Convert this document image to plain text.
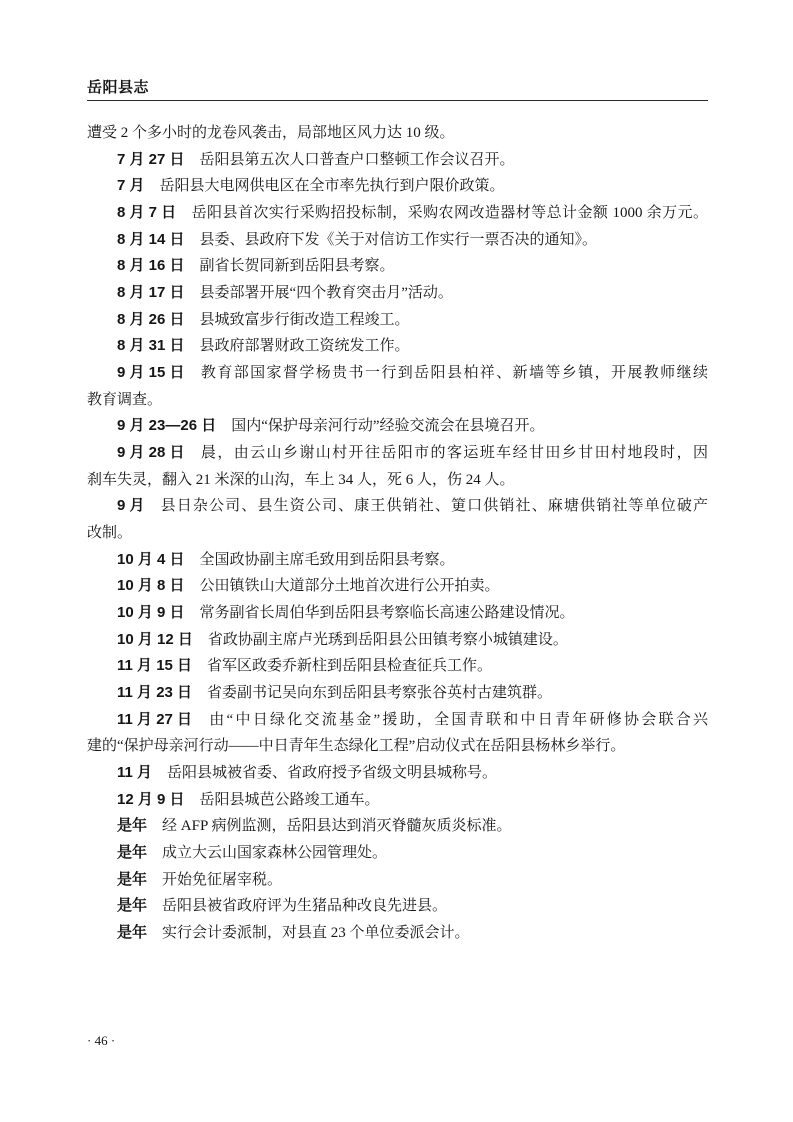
岳阳县志
遭受 2 个多小时的龙卷风袭击，局部地区风力达 10 级。
7 月 27 日 岳阳县第五次人口普查户口整顿工作会议召开。
7 月 岳阳县大电网供电区在全市率先执行到户限价政策。
8 月 7 日 岳阳县首次实行采购招投标制，采购农网改造器材等总计金额 1000 余万元。
8 月 14 日 县委、县政府下发《关于对信访工作实行一票否决的通知》。
8 月 16 日 副省长贺同新到岳阳县考察。
8 月 17 日 县委部署开展“四个教育突击月”活动。
8 月 26 日 县城致富步行街改造工程竣工。
8 月 31 日 县政府部署财政工资统发工作。
9 月 15 日 教育部国家督学杨贵书一行到岳阳县柏祥、新墙等乡镇，开展教师继续
教育调查。
9 月 23—26 日 国内“保护母亲河行动”经验交流会在县境召开。
9 月 28 日 晨，由云山乡谢山村开往岳阳市的客运班车经甘田乡甘田村地段时，因
刹车失灵，翻入 21 米深的山沟，车上 34 人，死 6 人，伤 24 人。
9 月 县日杂公司、县生资公司、康王供销社、筻口供销社、麻塘供销社等单位破产
改制。
10 月 4 日 全国政协副主席毛致用到岳阳县考察。
10 月 8 日 公田镇铁山大道部分土地首次进行公开拍卖。
10 月 9 日 常务副省长周伯华到岳阳县考察临长高速公路建设情况。
10 月 12 日 省政协副主席卢光琇到岳阳县公田镇考察小城镇建设。
11 月 15 日 省军区政委乔新柱到岳阳县检查征兵工作。
11 月 23 日 省委副书记吴向东到岳阳县考察张谷英村古建筑群。
11 月 27 日 由“中日绿化交流基金”援助，全国青联和中日青年研修协会联合兴
建的“保护母亲河行动——中日青年生态绿化工程”启动仪式在岳阳县杨林乡举行。
11 月 岳阳县城被省委、省政府授予省级文明县城称号。
12 月 9 日 岳阳县城芭公路竣工通车。
是年 经 AFP 病例监测，岳阳县达到消灭脊髓灰质炎标准。
是年 成立大云山国家森林公园管理处。
是年 开始免征屠宰税。
是年 岳阳县被省政府评为生猪品种改良先进县。
是年 实行会计委派制，对县直 23 个单位委派会计。
· 46 ·
